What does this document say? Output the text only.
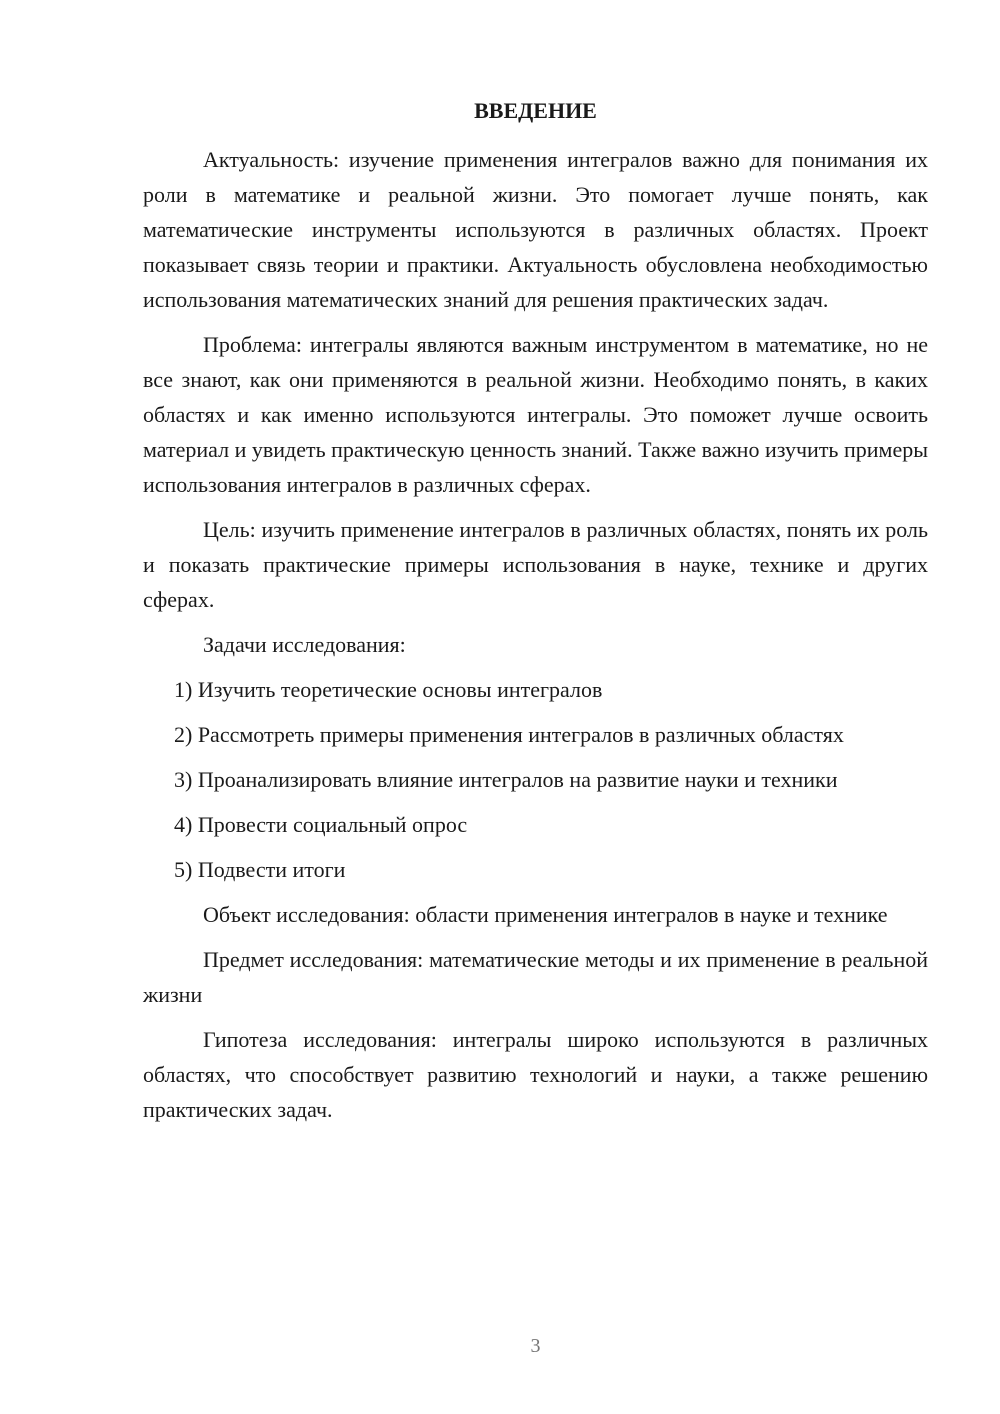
ВВЕДЕНИЕ

Актуальность: изучение применения интегралов важно для понимания их роли в математике и реальной жизни. Это помогает лучше понять, как математические инструменты используются в различных областях. Проект показывает связь теории и практики. Актуальность обусловлена необходимостью использования математических знаний для решения практических задач.

Проблема: интегралы являются важным инструментом в математике, но не все знают, как они применяются в реальной жизни. Необходимо понять, в каких областях и как именно используются интегралы. Это поможет лучше освоить материал и увидеть практическую ценность знаний. Также важно изучить примеры использования интегралов в различных сферах.

Цель: изучить применение интегралов в различных областях, понять их роль и показать практические примеры использования в науке, технике и других сферах.

Задачи исследования:

1) Изучить теоретические основы интегралов

2) Рассмотреть примеры применения интегралов в различных областях

3) Проанализировать влияние интегралов на развитие науки и техники

4) Провести социальный опрос

5) Подвести итоги

Объект исследования: области применения интегралов в науке и технике

Предмет исследования: математические методы и их применение в реальной жизни

Гипотеза исследования: интегралы широко используются в различных областях, что способствует развитию технологий и науки, а также решению практических задач.

3
